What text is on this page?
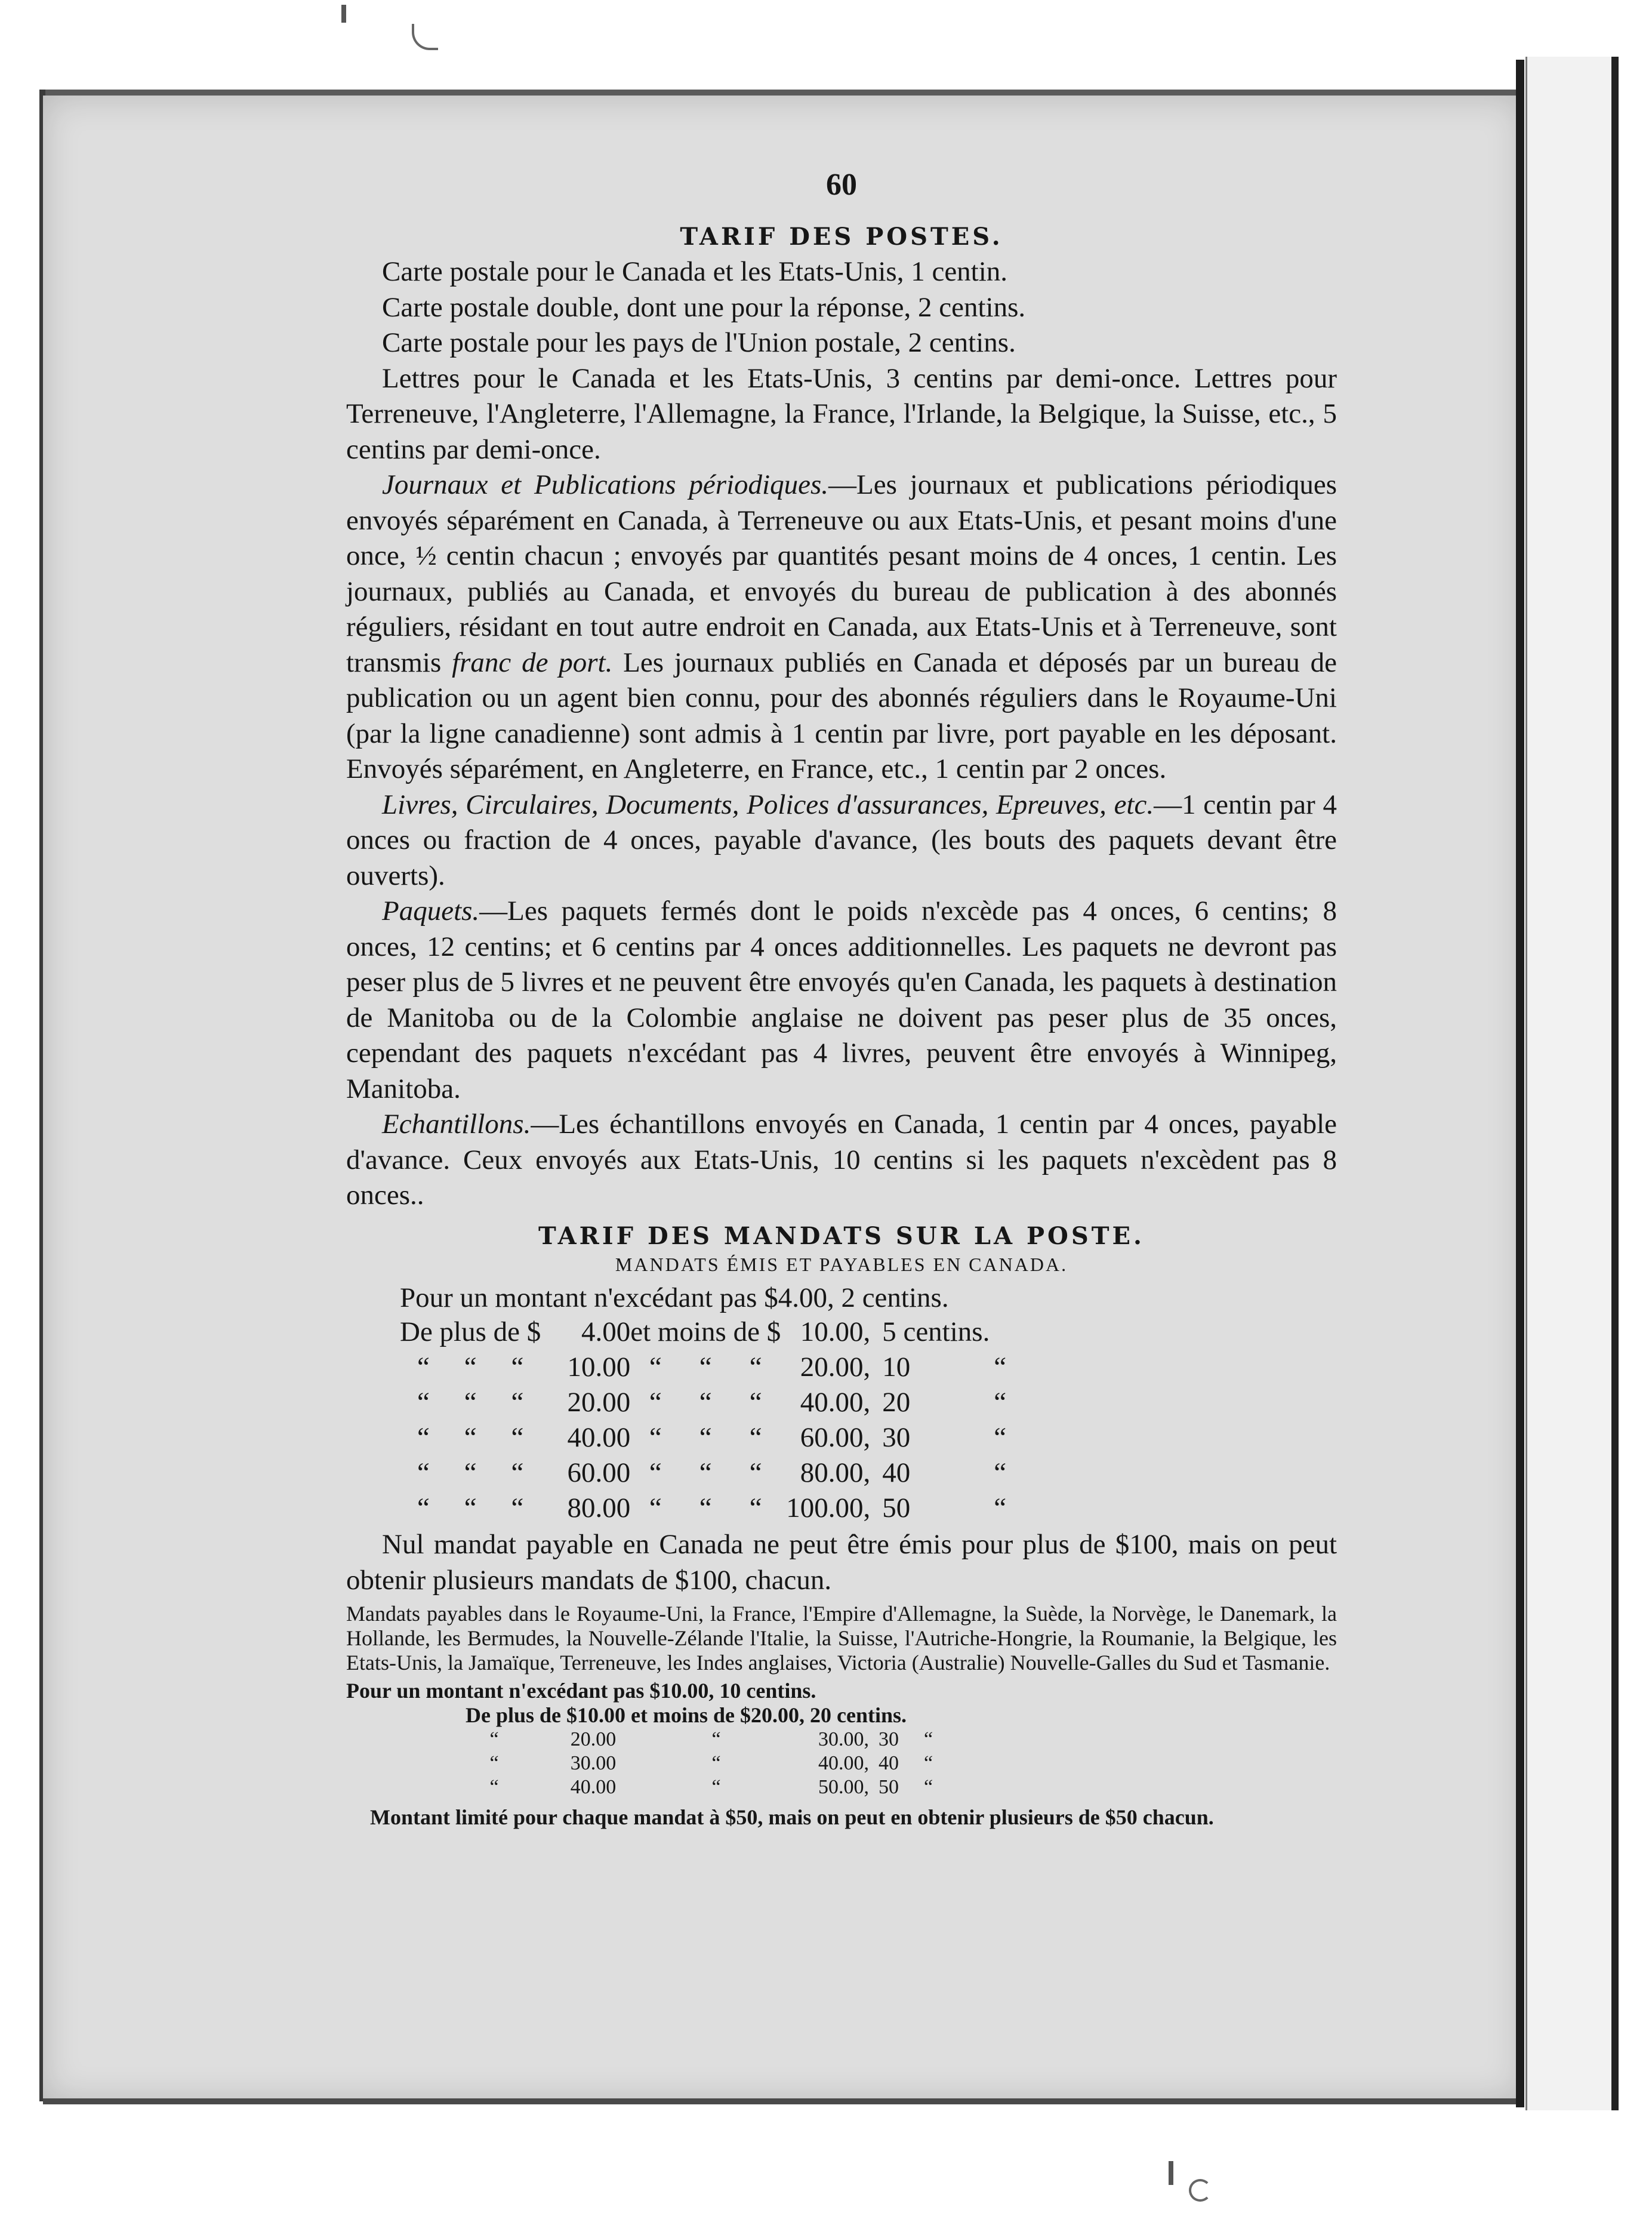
60
TARIF DES POSTES.
Carte postale pour le Canada et les Etats-Unis, 1 centin.
Carte postale double, dont une pour la réponse, 2 centins.
Carte postale pour les pays de l'Union postale, 2 centins.

Lettres pour le Canada et les Etats-Unis, 3 centins par demi-once. Lettres pour Terreneuve, l'Angleterre, l'Allemagne, la France, l'Irlande, la Belgique, la Suisse, etc., 5 centins par demi-once.

Journaux et Publications périodiques.—Les journaux et publications périodiques envoyés séparément en Canada, à Terreneuve ou aux Etats-Unis, et pesant moins d'une once, ½ centin chacun ; envoyés par quantités pesant moins de 4 onces, 1 centin. Les journaux, publiés au Canada, et envoyés du bureau de publication à des abonnés réguliers, résidant en tout autre endroit en Canada, aux Etats-Unis et à Terreneuve, sont transmis franc de port. Les journaux publiés en Canada et déposés par un bureau de publication ou un agent bien connu, pour des abonnés réguliers dans le Royaume-Uni (par la ligne canadienne) sont admis à 1 centin par livre, port payable en les déposant. Envoyés séparément, en Angleterre, en France, etc., 1 centin par 2 onces.

Livres, Circulaires, Documents, Polices d'assurances, Epreuves, etc.—1 centin par 4 onces ou fraction de 4 onces, payable d'avance, (les bouts des paquets devant être ouverts).

Paquets.—Les paquets fermés dont le poids n'excède pas 4 onces, 6 centins; 8 onces, 12 centins; et 6 centins par 4 onces additionnelles. Les paquets ne devront pas peser plus de 5 livres et ne peuvent être envoyés qu'en Canada, les paquets à destination de Manitoba ou de la Colombie anglaise ne doivent pas peser plus de 35 onces, cependant des paquets n'excédant pas 4 livres, peuvent être envoyés à Winnipeg, Manitoba.

Echantillons.—Les échantillons envoyés en Canada, 1 centin par 4 onces, payable d'avance. Ceux envoyés aux Etats-Unis, 10 centins si les paquets n'excèdent pas 8 onces..

TARIF DES MANDATS SUR LA POSTE.
MANDATS ÉMIS ET PAYABLES EN CANADA.
Pour un montant n'excédant pas $4.00, 2 centins.
De plus de $			4.00	et moins de $			10.00,	5 centins.
“	“	“	10.00	“	“	“	20.00,	10 “
“	“	“	20.00	“	“	“	40.00,	20 “
“	“	“	40.00	“	“	“	60.00,	30 “
“	“	“	60.00	“	“	“	80.00,	40 “
“	“	“	80.00	“	“	“	100.00,	50 “

Nul mandat payable en Canada ne peut être émis pour plus de $100, mais on peut obtenir plusieurs mandats de $100, chacun.

Mandats payables dans le Royaume-Uni, la France, l'Empire d'Allemagne, la Suède, la Norvège, le Danemark, la Hollande, les Bermudes, la Nouvelle-Zélande l'Italie, la Suisse, l'Autriche-Hongrie, la Roumanie, la Belgique, les Etats-Unis, la Jamaïque, Terreneuve, les Indes anglaises, Victoria (Australie) Nouvelle-Galles du Sud et Tasmanie.

Pour un montant n'excédant pas $10.00, 10 centins.
De plus de $10.00 et moins de $20.00, 20 centins.
“	20.00	“	30.00,	30	“
“	30.00	“	40.00,	40	“
“	40.00	“	50.00,	50	“

Montant limité pour chaque mandat à $50, mais on peut en obtenir plusieurs de $50 chacun.
